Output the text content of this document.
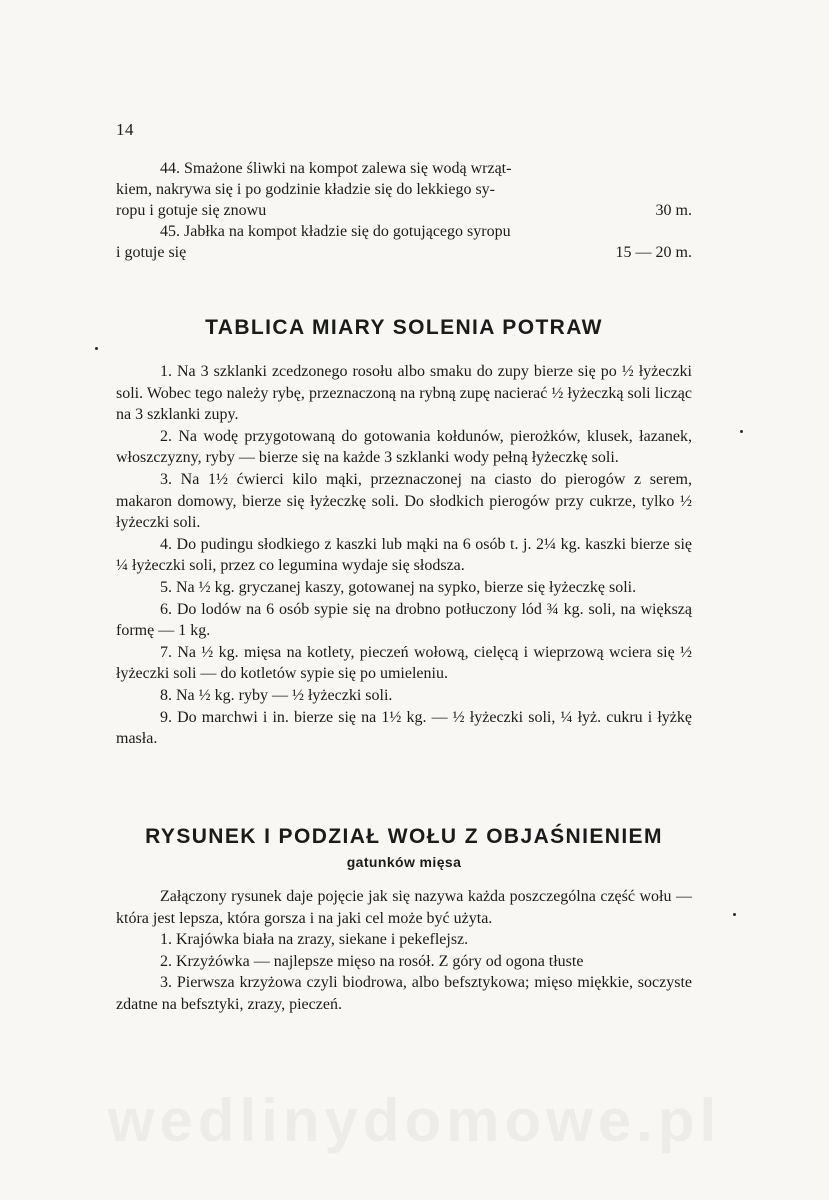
14
44. Smażone śliwki na kompot zalewa się wodą wrząt-
kiem, nakrywa się i po godzinie kładzie się do lekkiego sy-
ropu i gotuje się znowu	30 m.
45. Jabłka na kompot kładzie się do gotującego syropu
i gotuje się	15 — 20 m.
TABLICA MIARY SOLENIA POTRAW

1. Na 3 szklanki zcedzonego rosołu albo smaku do zupy bierze się po ½ łyżeczki soli. Wobec tego należy rybę, przeznaczoną na rybną zupę nacierać ½ łyżeczką soli licząc na 3 szklanki zupy.

2. Na wodę przygotowaną do gotowania kołdunów, pierożków, klusek, łazanek, włoszczyzny, ryby — bierze się na każde 3 szklanki wody pełną łyżeczkę soli.

3. Na 1½ ćwierci kilo mąki, przeznaczonej na ciasto do pierogów z serem, makaron domowy, bierze się łyżeczkę soli. Do słodkich pierogów przy cukrze, tylko ½ łyżeczki soli.

4. Do pudingu słodkiego z kaszki lub mąki na 6 osób t. j. 2¼ kg. kaszki bierze się ¼ łyżeczki soli, przez co legumina wydaje się słodsza.

5. Na ½ kg. gryczanej kaszy, gotowanej na sypko, bierze się łyżeczkę soli.

6. Do lodów na 6 osób sypie się na drobno potłuczony lód ¾ kg. soli, na większą formę — 1 kg.

7. Na ½ kg. mięsa na kotlety, pieczeń wołową, cielęcą i wieprzową wciera się ½ łyżeczki soli — do kotletów sypie się po umieleniu.

8. Na ½ kg. ryby — ½ łyżeczki soli.

9. Do marchwi i in. bierze się na 1½ kg. — ½ łyżeczki soli, ¼ łyż. cukru i łyżkę masła.

RYSUNEK I PODZIAŁ WOŁU Z OBJAŚNIENIEM
gatunków mięsa

Załączony rysunek daje pojęcie jak się nazywa każda poszczególna część wołu — która jest lepsza, która gorsza i na jaki cel może być użyta.

1. Krajówka biała na zrazy, siekane i pekeflejsz.

2. Krzyżówka — najlepsze mięso na rosół. Z góry od ogona tłuste

3. Pierwsza krzyżowa czyli biodrowa, albo befsztykowa; mięso miękkie, soczyste zdatne na befsztyki, zrazy, pieczeń.
